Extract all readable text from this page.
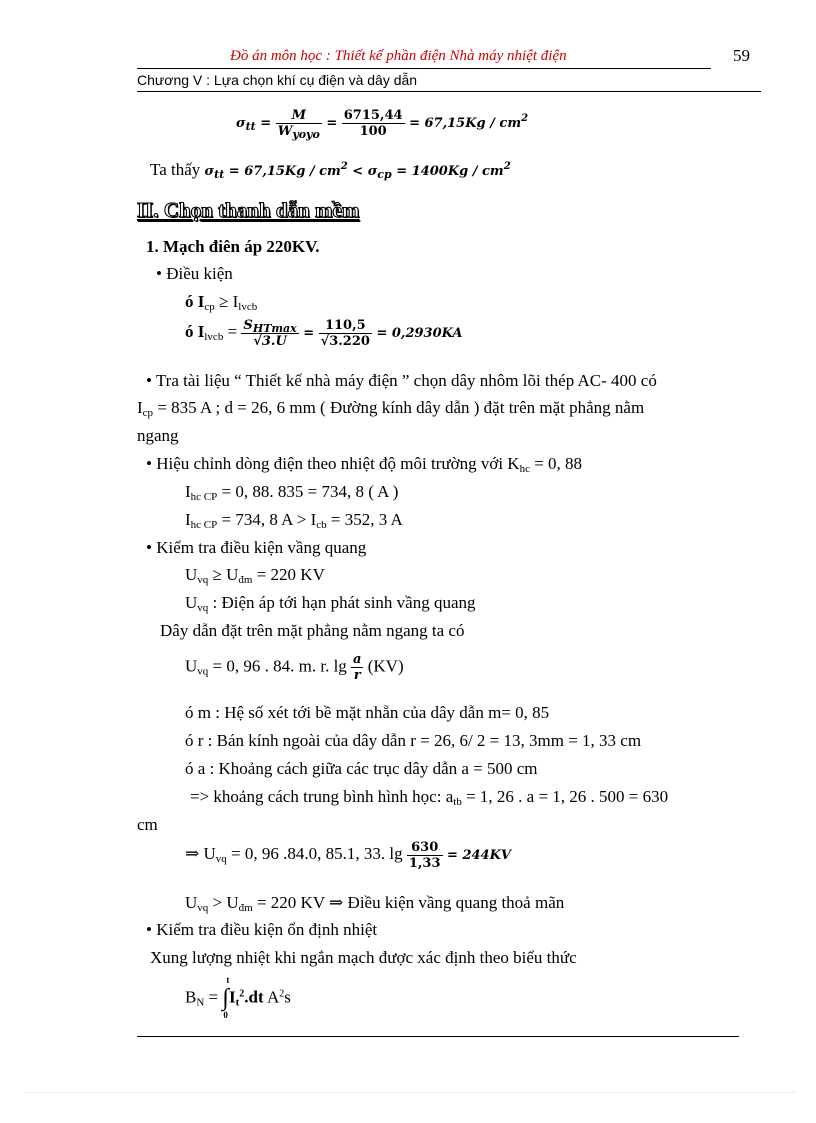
Đồ án môn học : Thiết kế phần điện Nhà máy nhiệt điện	59
Chương V : Lựa chọn khí cụ điện và dây dẫn
$\sigma_{tt} = \frac{M}{W_{yoyo}} = \frac{6715,44}{100} = 67,15Kg / cm^2$
Ta thấy $\sigma_{tt} = 67,15Kg / cm^2 < \sigma_{cp} = 1400Kg / cm^2$
II. Chọn thanh dẫn mềm
1. Mạch điên áp 220KV.
• Điều kiện
ó $I_{cp} \ge I_{lvcb}$
ó $I_{lvcb} = \frac{S_{HTmax}}{√3.U} = \frac{110,5}{√3.220} = 0,2930KA$
• Tra tài liệu “ Thiết kế nhà máy điện ” chọn dây nhôm lõi thép AC- 400 có
$I_{cp} = 835$ A ; d = 26, 6 mm ( Đường kính dây dẫn ) đặt trên mặt phẳng nằm
ngang
• Hiệu chỉnh dòng điện theo nhiệt độ môi trường với $K_{hc} = 0$, 88
$I_{hc CP} = 0$, 88. 835 = 734, 8 ( A )
$I_{hc CP} = 734$, 8 $A > I_{cb} = 352$, 3 A
• Kiểm tra điều kiện vầng quang
$U_{vq} \ge U_{đm} = 220$ KV
$U_{vq}$ : Điện áp tới hạn phát sinh vầng quang
Dây dẫn đặt trên mặt phẳng nằm ngang ta có
$U_{vq} = 0$, 96 . 84. m. r. $\lg \frac{a}{r} (KV)$
ó m : Hệ số xét tới bề mặt nhẵn của dây dẫn m= 0, 85
ó r : Bán kính ngoài của dây dẫn r = 26, 6/ 2 = 13, 3mm = 1, 33 cm
ó a : Khoảng cách giữa các trục dây dẫn a = 500 cm
=> khoảng cách trung bình hình học: $a_{tb} = 1$, 26 . a = 1, 26 . 500 = 630
cm
⇒ $U_{vq} = 0$, 96 .84.0, 85.1, 33. $\lg \frac{630}{1,33} = 244KV$
$U_{vq} > U_{đm} = 220$ KV ⇒ Điều kiện vầng quang thoả mãn
• Kiểm tra điều kiện ổn định nhiệt
Xung lượng nhiệt khi ngắn mạch được xác định theo biểu thức
$B_N$ = ∫
t
0
$I_t^2.dt$ $A^2s$
